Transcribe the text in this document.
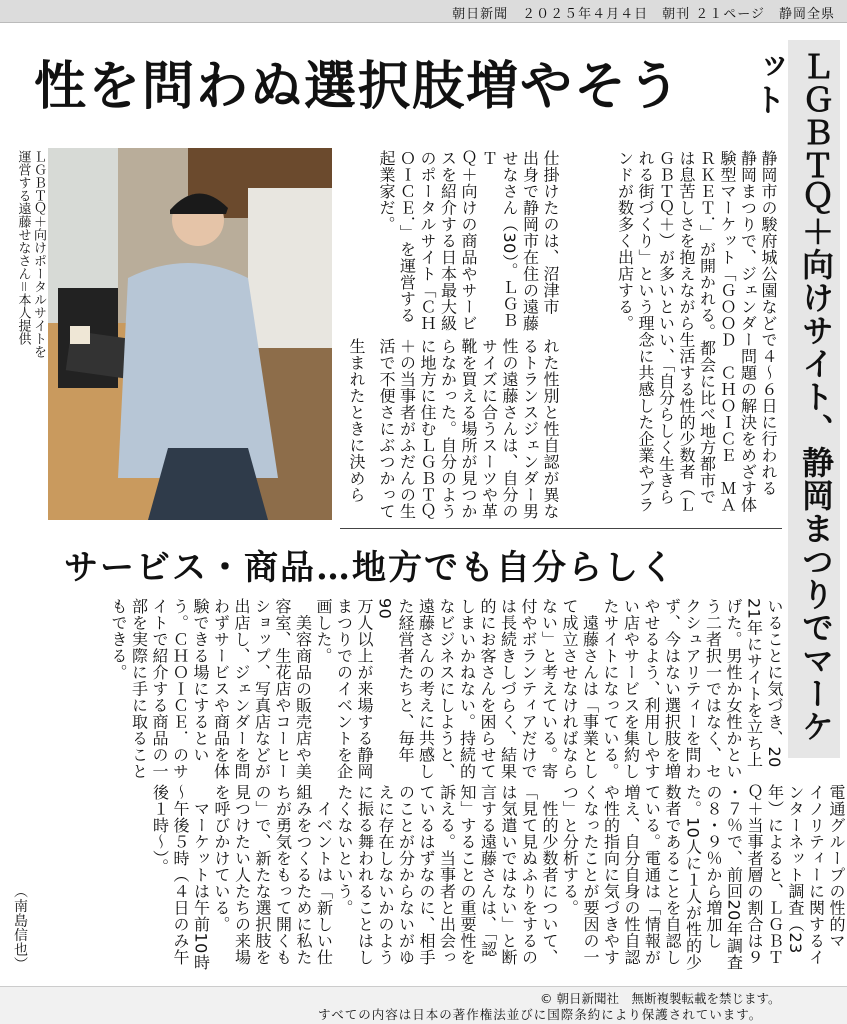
朝日新聞　２０２５年４月４日　朝刊 ２１ページ　静岡全県
性を問わぬ選択肢増やそう	ＬＧＢＴＱ＋向けサイト、静岡まつりでマーケット
静岡市の駿府城公園などで４〜６日に行われる
静岡まつりで、ジェンダー問題の解決をめざす体
験型マーケット「ＧＯＯＤ　ＣＨＯＩＣＥ　ＭＡ
ＲＫＥＴ．」が開かれる。都会に比べ地方都市で
は息苦しさを抱えながら生活する性的少数者（Ｌ
ＧＢＴＱ＋）が多いといい、「自分らしく生きら
れる街づくり」という理念に共感した企業やブラ
ンドが数多く出店する。
仕掛けたのは、沼津市
出身で静岡市在住の遠藤
せなさん（30）。ＬＧＢＴ
Ｑ＋向けの商品やサービ
スを紹介する日本最大級
のポータルサイト「ＣＨ
ＯＩＣＥ．」を運営する
起業家だ。
れた性別と性自認が異な
るトランスジェンダー男
性の遠藤さんは、自分の
サイズに合うスーツや革
靴を買える場所が見つか
らなかった。自分のよう
に地方に住むＬＧＢＴＱ
＋の当事者がふだんの生
活で不便さにぶつかって
生まれたときに決めら
ＬＧＢＴＱ＋向けポータルサイトを
運営する遠藤せなさん＝本人提供
サービス・商品…地方でも自分らしく
いることに気づき、20
21年にサイトを立ち上
げた。男性か女性かとい
う二者択一ではなく、セ
クシュアリティーを問わ
ず、今はない選択肢を増
やせるよう、利用しやす
い店やサービスを集約し
たサイトになっている。
　遠藤さんは「事業とし
て成立させなければなら
ない」と考えている。寄
付やボランティアだけで
は長続きしづらく、結果
的にお客さんを困らせて
しまいかねない。持続的
なビジネスにしようと、
遠藤さんの考えに共感し
た経営者たちと、毎年90
万人以上が来場する静岡
まつりでのイベントを企
画した。
　美容商品の販売店や美
容室、生花店やコーヒー
ショップ、写真店などが
出店し、ジェンダーを問
わずサービスや商品を体
験できる場にするとい
う。ＣＨＯＩＣＥ．のサ
イトで紹介する商品の一
部を実際に手に取ること
もできる。
電通グループの性的マ
イノリティーに関するイ
ンターネット調査（23
年）によると、ＬＧＢＴ
Ｑ＋当事者層の割合は９
・７％で、前回20年調査
の８・９％から増加し
た。10人に１人が性的少
数者であることを自認し
ている。電通は「情報が
増え、自分自身の性自認
や性的指向に気づきやす
くなったことが要因の一
つ」と分析する。
　性的少数者について、
「見て見ぬふりをするの
は気遣いではない」と断
言する遠藤さんは、「認
知」することの重要性を
訴える。当事者と出会っ
ているはずなのに、相手
のことが分からないがゆ
えに存在しないかのよう
に振る舞われることはし
たくないという。
　イベントは「新しい仕
組みをつくるために私た
ちが勇気をもって開くも
の」で、新たな選択肢を
見つけたい人たちの来場
を呼びかけている。
　マーケットは午前10時
〜午後５時（４日のみ午
後１時〜）。
（南島信也）
© 朝日新聞社　無断複製転載を禁じます。
すべての内容は日本の著作権法並びに国際条約により保護されています。
